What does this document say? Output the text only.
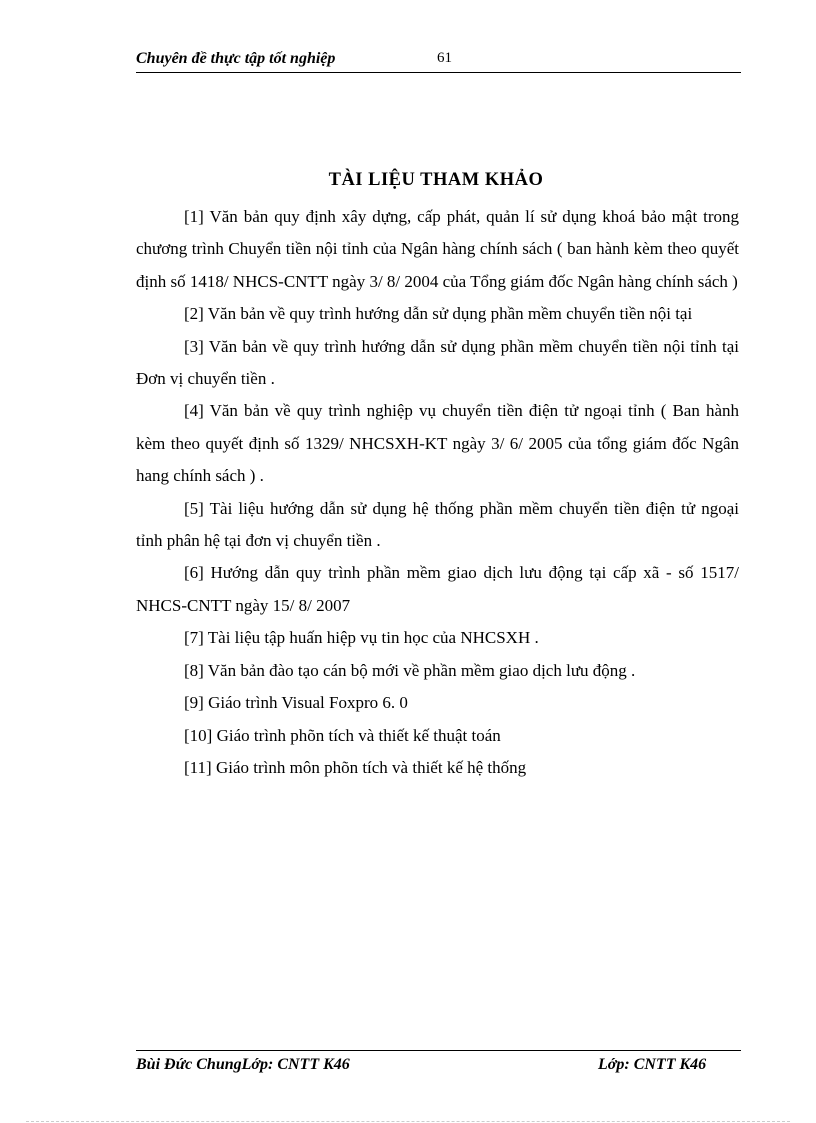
Chuyên đề thực tập tốt nghiệp	61
TÀI LIỆU THAM KHẢO

[1] Văn bản quy định xây dựng, cấp phát, quản lí sử dụng khoá bảo mật trong chương trình Chuyển tiền nội tỉnh của Ngân hàng chính sách ( ban hành kèm theo quyết định số 1418/ NHCS-CNTT ngày 3/ 8/ 2004 của Tổng giám đốc Ngân hàng chính sách )

[2] Văn bản về quy trình hướng dẫn sử dụng phần mềm chuyển tiền nội tại

[3] Văn bản về quy trình hướng dẫn sử dụng phần mềm chuyển tiền nội tỉnh tại Đơn vị chuyển tiền .

[4] Văn bản về quy trình nghiệp vụ chuyển tiền điện tử ngoại tỉnh ( Ban hành kèm theo quyết định số 1329/ NHCSXH-KT ngày 3/ 6/ 2005 của tổng giám đốc Ngân hang chính sách ) .

[5] Tài liệu hướng dẫn sử dụng hệ thống phần mềm chuyển tiền điện tử ngoại tỉnh phân hệ tại đơn vị chuyển tiền .

[6] Hướng dẫn quy trình phần mềm giao dịch lưu động tại cấp xã - số 1517/ NHCS-CNTT ngày 15/ 8/ 2007

[7] Tài liệu tập huấn hiệp vụ tin học của NHCSXH .

[8] Văn bản đào tạo cán bộ mới về phần mềm giao dịch lưu động .

[9] Giáo trình Visual Foxpro 6. 0

[10] Giáo trình phõn tích và thiết kế thuật toán

[11] Giáo trình môn phõn tích và thiết kế hệ thống

Bùi Đức ChungLớp: CNTT K46	Lớp: CNTT K46
